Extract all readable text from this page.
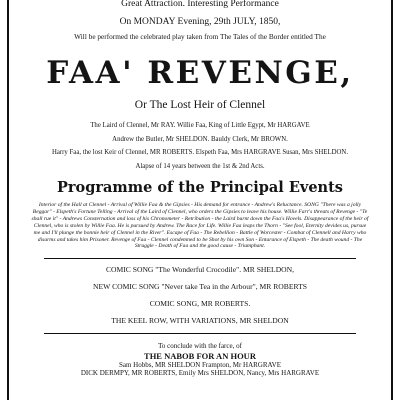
Great Attraction. Interesting Performance
On MONDAY Evening, 29th JULY, 1850,
Will be performed the celebrated play taken from The Tales of the Border entitled The
FAA' REVENGE,
Or The Lost Heir of Clennel
The Laird of Clennel, Mr RAY. Willie Faa, King of Little Egypt, Mr HARGAVE
Andrew the Butler, Mr SHELDON. Bauldy Clerk, Mr BROWN.
Harry Faa, the lost Keir of Clennel, MR ROBERTS. Elspeth Faa, Mrs HARGRAVE Susan, Mrs SHELDON.
Alapse of 14 years between the 1st & 2nd Acts.
Programme of the Principal Events
Interior of the Hall at Clennel - Arrival of Willie Faa & the Gipsies - His demand for entrance - Andrew's Reluctance. SONG "There was a jolly Beggar" - Elspeth's Fortune Telling - Arrival of the Laird of Clennel, who orders the Gipsies to leave his house. Willie Farr's threats of Revenge - "Te shall rue it" - Andrews Consternation and loss of his Chronometer - Retribution - the Laird burnt down the Faa's Hovels. Disappearance of the heir of Clennel, who is stolen by Willie Faa. He is pursued by Andrew. The Race for Life. Willie Faa leaps the Thorn - "See fool, Eternity devides us, pursue me and I'll plunge the bonnie heir of Clennel in the River". Escape of Faa - The Rebellion - Battle of Worcester - Combat of Clennell and Harry who disarms and takes him Prisoner. Revenge of Faa - Clennel condemned to be Shot by his own Son - Entarance of Elspeth - The death wound - The Struggle - Death of Faa and the good cause - Triumphant.
COMIC SONG "The Wonderful Crocodile". MR SHELDON,
NEW COMIC SONG "Never take Tea in the Arbour", MR ROBERTS
COMIC SONG, MR ROBERTS.
THE KEEL ROW, WITH VARIATIONS, MR SHELDON
To conclude with the farce, of
THE NABOB FOR AN HOUR
Sam Hobbs, MR SHELDON Frampton, Mr HARGRAVE
DICK DERMPY, MR ROBERTS, Emily Mrs SHELDON, Nancy, Mrs HARGRAVE
